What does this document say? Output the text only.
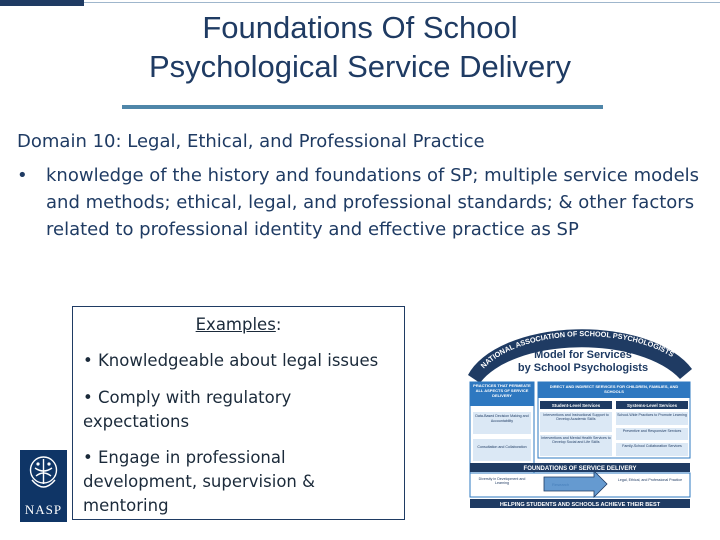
Foundations Of School
Psychological Service Delivery
Domain 10: Legal, Ethical, and Professional Practice
• knowledge of the history and foundations of SP; multiple service models and methods; ethical, legal, and professional standards; & other factors related to professional identity and effective practice as SP
Examples:
• Knowledgeable about legal issues
• Comply with regulatory expectations
• Engage in professional development, supervision & mentoring
NASP
NATIONAL ASSOCIATION OF SCHOOL PSYCHOLOGISTS
Model for Services
by School Psychologists
PRACTICES THAT PERMEATE ALL ASPECTS OF SERVICE DELIVERY
Data-Based Decision Making and Accountability
Consultation and Collaboration
DIRECT AND INDIRECT SERVICES FOR CHILDREN, FAMILIES, AND SCHOOLS
Student-Level Services	Systems-Level Services
Interventions and Instructional Support to Develop Academic Skills
Interventions and Mental Health Services to Develop Social and Life Skills
School-Wide Practices to Promote Learning
Preventive and Responsive Services
Family-School Collaboration Services
FOUNDATIONS OF SERVICE DELIVERY
Diversity in Development and Learning
Legal, Ethical, and Professional Practice
HELPING STUDENTS AND SCHOOLS ACHIEVE THEIR BEST
